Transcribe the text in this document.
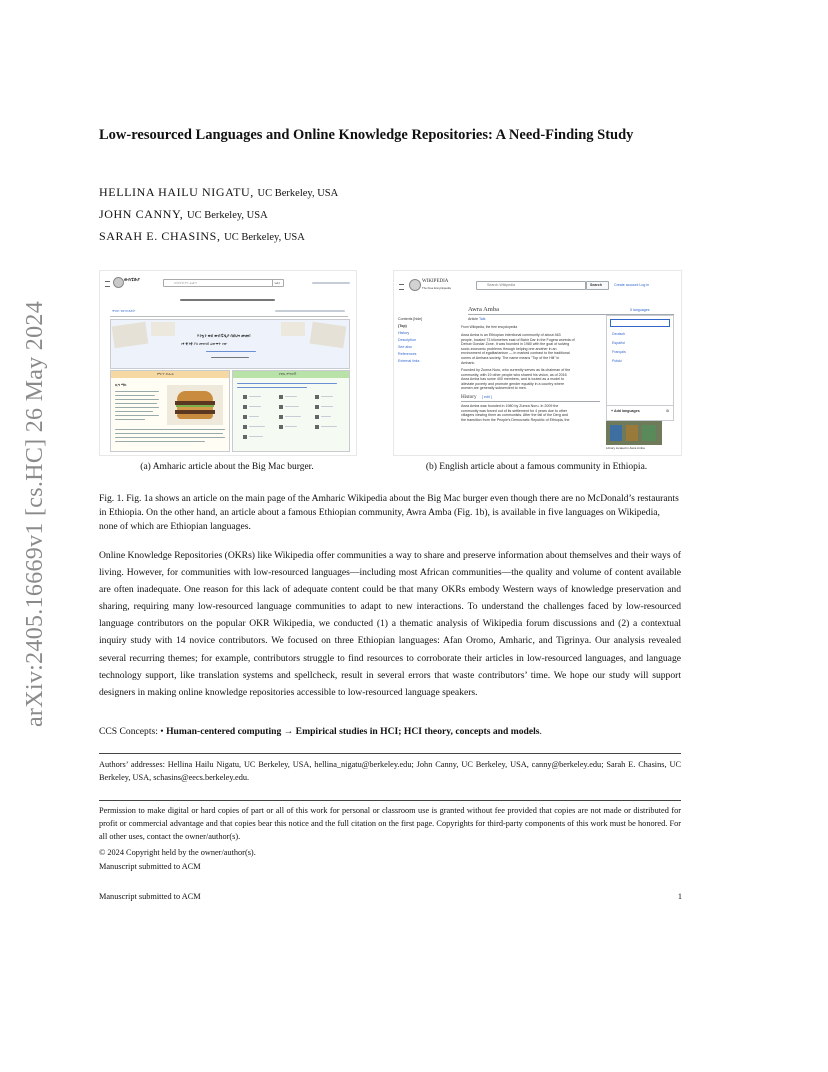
arXiv:2405.16669v1 [cs.HC] 26 May 2024
Low-resourced Languages and Online Knowledge Repositories: A Need-Finding Study
HELLINA HAILU NIGATU, UC Berkeley, USA
JOHN CANNY, UC Berkeley, USA
SARAH E. CHASINS, UC Berkeley, USA
ውክፔድያ
ውክፔድያን ፈልግ	ፍለጋ
ዋናው ገጽ ውይይት
እንኳን ወደ ውክፔዲያ በደህና መጡ!
ነፃ ቋንቋ ያለ መዝገበ ዕውቀት ነው
ምርጥ ጽሑፍ
ቢግ ማክ
የዊኪ ምድቦች
(a) Amharic article about the Big Mac burger.
WIKIPEDIA
The Free Encyclopedia
Search Wikipedia	Search	Create account Log in
Awra Amba	5 languages
Article Talk
Contents [hide]
(Top)
History
Description
See also
References
External links
From Wikipedia, the free encyclopedia
Awra Amba is an Ethiopian intentional community of about 463
people, located 73 kilometres east of Bahir Dar in the Fogera woreda of
Debub Gondar Zone. It was founded in 1980 with the goal of solving
socio-economic problems through helping one another in an
environment of egalitarianism — in marked contrast to the traditional
norms of Amhara society. The name means "Top of the Hill" in
Amharic.
Founded by Zumra Nuru, who currently serves as its chairman of the
community, with 19 other people who shared his vision, as of 2016
Awra Amba has some 400 members, and is touted as a model to
alleviate poverty and promote gender equality in a country where
women are generally subservient to men.
History [ edit ]
Awra Amba was founded in 1980 by Zumra Nuru. In 2009 the
community was forced out of its settlement for 4 years due to other
villagers viewing them as communists. After the fall of the Derg and
the transition from the People's Democratic Republic of Ethiopia, the
Deutsch
Español
Français
Polski
+ Add languages	⚙
Library located in Awra Amba
(b) English article about a famous community in Ethiopia.
Fig. 1. Fig. 1a shows an article on the main page of the Amharic Wikipedia about the Big Mac burger even though there are no McDonald’s restaurants in Ethiopia. On the other hand, an article about a famous Ethiopian community, Awra Amba (Fig. 1b), is available in five languages on Wikipedia, none of which are Ethiopian languages.
Online Knowledge Repositories (OKRs) like Wikipedia offer communities a way to share and preserve information about themselves and their ways of living. However, for communities with low-resourced languages—including most African communities—the quality and volume of content available are often inadequate. One reason for this lack of adequate content could be that many OKRs embody Western ways of knowledge preservation and sharing, requiring many low-resourced language communities to adapt to new interactions. To understand the challenges faced by low-resourced language contributors on the popular OKR Wikipedia, we conducted (1) a thematic analysis of Wikipedia forum discussions and (2) a contextual inquiry study with 14 novice contributors. We focused on three Ethiopian languages: Afan Oromo, Amharic, and Tigrinya. Our analysis revealed several recurring themes; for example, contributors struggle to find resources to corroborate their articles in low-resourced languages, and language technology support, like translation systems and spellcheck, result in several errors that waste contributors’ time. We hope our study will support designers in making online knowledge repositories accessible to low-resourced language speakers.
CCS Concepts: • Human-centered computing → Empirical studies in HCI; HCI theory, concepts and models.
Authors’ addresses: Hellina Hailu Nigatu, UC Berkeley, USA, hellina_nigatu@berkeley.edu; John Canny, UC Berkeley, USA, canny@berkeley.edu; Sarah E. Chasins, UC Berkeley, USA, schasins@eecs.berkeley.edu.
Permission to make digital or hard copies of part or all of this work for personal or classroom use is granted without fee provided that copies are not made or distributed for profit or commercial advantage and that copies bear this notice and the full citation on the first page. Copyrights for third-party components of this work must be honored. For all other uses, contact the owner/author(s).
© 2024 Copyright held by the owner/author(s).
Manuscript submitted to ACM
Manuscript submitted to ACM	1
